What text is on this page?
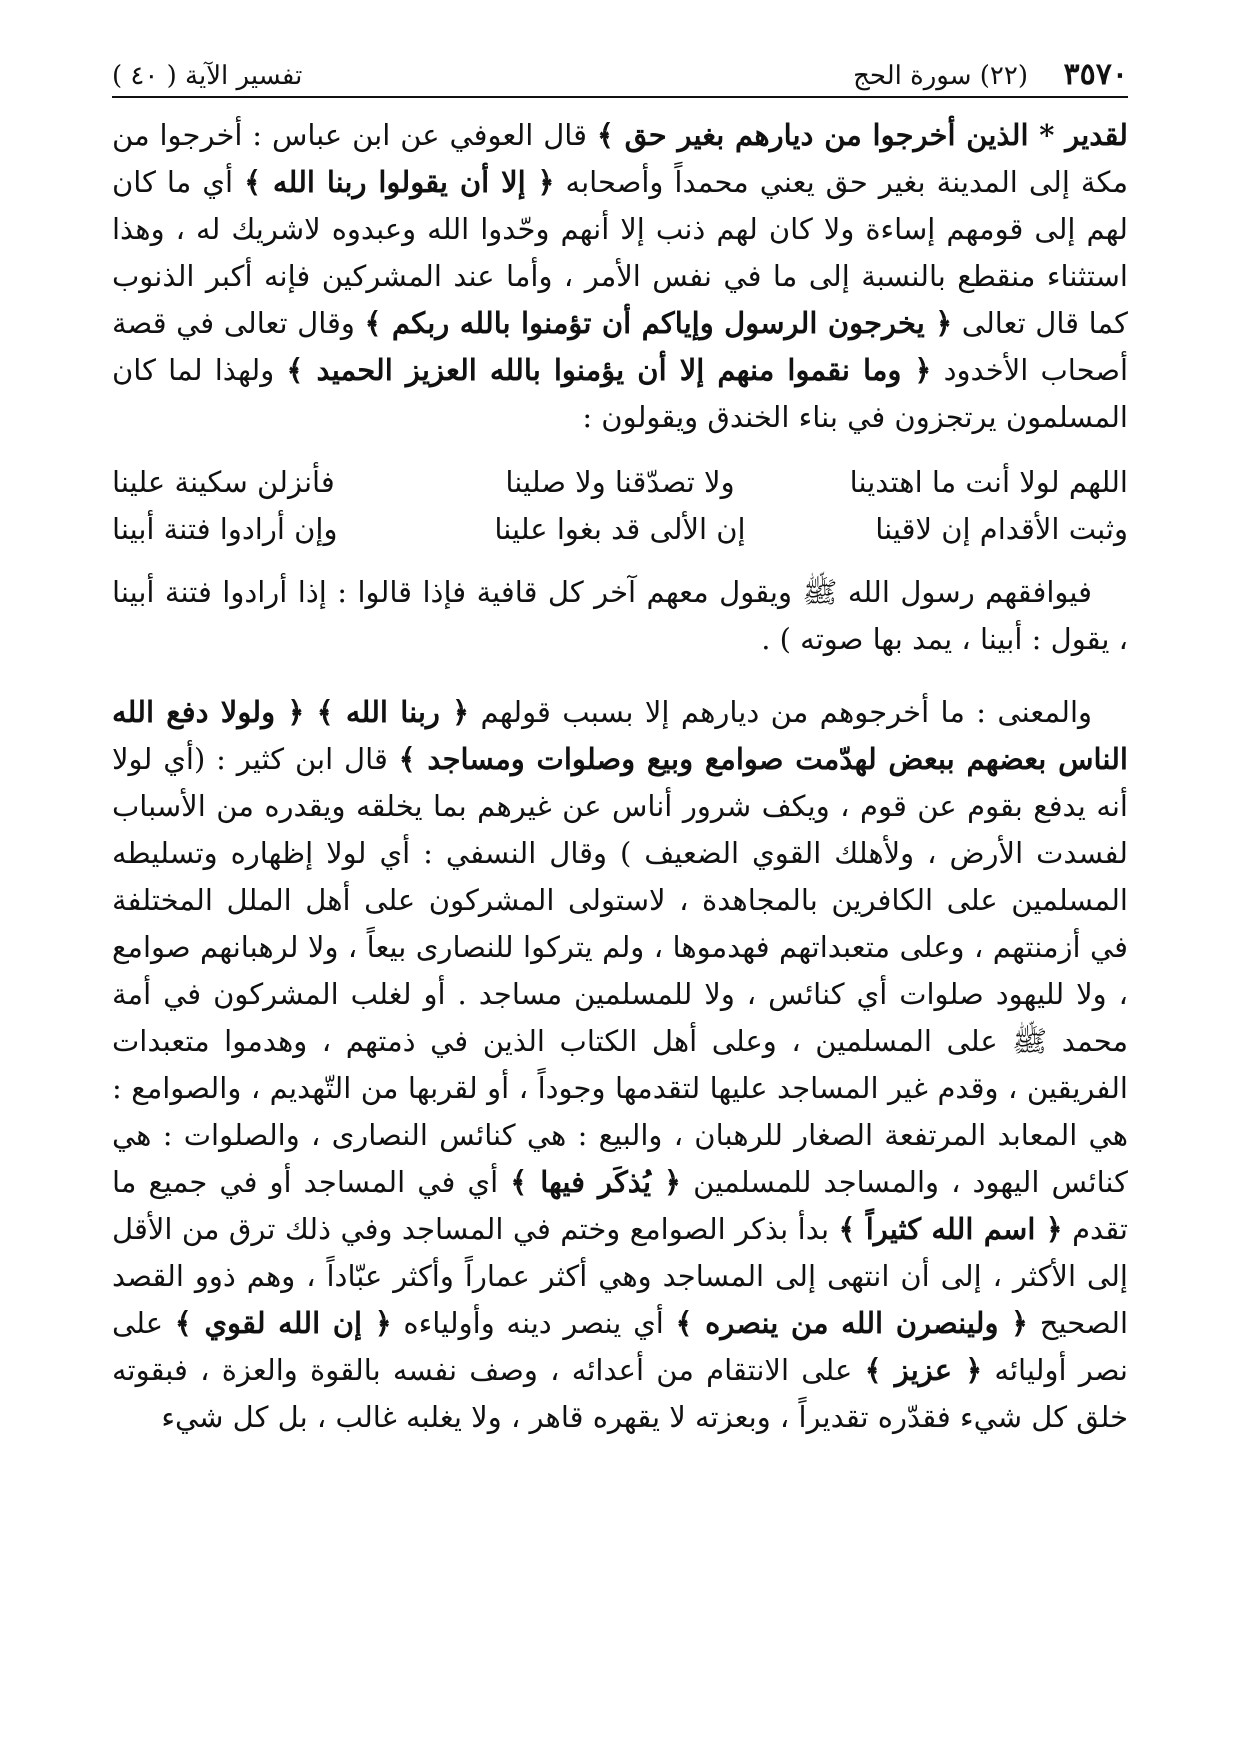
٣٥٧٠
(٢٢) سورة الحج
تفسير الآية ( ٤٠ )

لقدير * الذين أخرجوا من ديارهم بغير حق ﴾ قال العوفي عن ابن عباس : أخرجوا من مكة إلى المدينة بغير حق يعني محمداً وأصحابه ﴿ إلا أن يقولوا ربنا الله ﴾ أي ما كان لهم إلى قومهم إساءة ولا كان لهم ذنب إلا أنهم وحّدوا الله وعبدوه لاشريك له ، وهذا استثناء منقطع بالنسبة إلى ما في نفس الأمر ، وأما عند المشركين فإنه أكبر الذنوب كما قال تعالى ﴿ يخرجون الرسول وإياكم أن تؤمنوا بالله ربكم ﴾ وقال تعالى في قصة أصحاب الأخدود ﴿ وما نقموا منهم إلا أن يؤمنوا بالله العزيز الحميد ﴾ ولهذا لما كان المسلمون يرتجزون في بناء الخندق ويقولون :

اللهم لولا أنت ما اهتدينا
ولا تصدّقنا ولا صلينا
فأنزلن سكينة علينا
وثبت الأقدام إن لاقينا
إن الألى قد بغوا علينا
وإن أرادوا فتنة أبينا

فيوافقهم رسول الله ﷺ ويقول معهم آخر كل قافية فإذا قالوا : إذا أرادوا فتنة أبينا ، يقول : أبينا ، يمد بها صوته ) .

والمعنى : ما أخرجوهم من ديارهم إلا بسبب قولهم ﴿ ربنا الله ﴾ ﴿ ولولا دفع الله الناس بعضهم ببعض لهدّمت صوامع وبيع وصلوات ومساجد ﴾ قال ابن كثير : (أي لولا أنه يدفع بقوم عن قوم ، ويكف شرور أناس عن غيرهم بما يخلقه ويقدره من الأسباب لفسدت الأرض ، ولأهلك القوي الضعيف ) وقال النسفي : أي لولا إظهاره وتسليطه المسلمين على الكافرين بالمجاهدة ، لاستولى المشركون على أهل الملل المختلفة في أزمنتهم ، وعلى متعبداتهم فهدموها ، ولم يتركوا للنصارى بيعاً ، ولا لرهبانهم صوامع ، ولا لليهود صلوات أي كنائس ، ولا للمسلمين مساجد . أو لغلب المشركون في أمة محمد ﷺ على المسلمين ، وعلى أهل الكتاب الذين في ذمتهم ، وهدموا متعبدات الفريقين ، وقدم غير المساجد عليها لتقدمها وجوداً ، أو لقربها من التّهديم ، والصوامع : هي المعابد المرتفعة الصغار للرهبان ، والبيع : هي كنائس النصارى ، والصلوات : هي كنائس اليهود ، والمساجد للمسلمين ﴿ يُذكَر فيها ﴾ أي في المساجد أو في جميع ما تقدم ﴿ اسم الله كثيراً ﴾ بدأ بذكر الصوامع وختم في المساجد وفي ذلك ترق من الأقل إلى الأكثر ، إلى أن انتهى إلى المساجد وهي أكثر عماراً وأكثر عبّاداً ، وهم ذوو القصد الصحيح ﴿ ولينصرن الله من ينصره ﴾ أي ينصر دينه وأولياءه ﴿ إن الله لقوي ﴾ على نصر أوليائه ﴿ عزيز ﴾ على الانتقام من أعدائه ، وصف نفسه بالقوة والعزة ، فبقوته خلق كل شيء فقدّره تقديراً ، وبعزته لا يقهره قاهر ، ولا يغلبه غالب ، بل كل شيء
